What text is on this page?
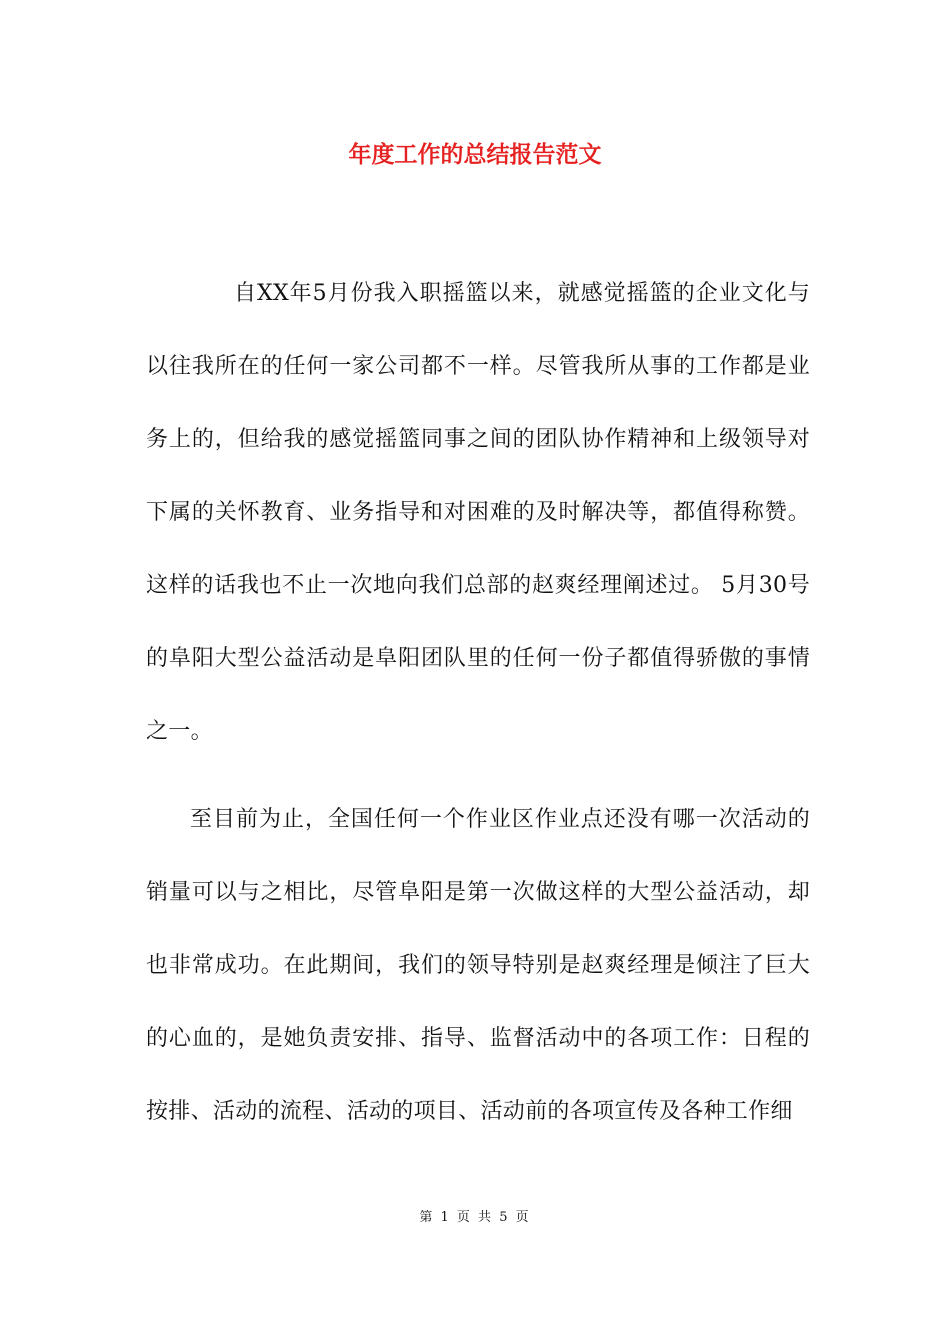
年度工作的总结报告范文
自XX年5月份我入职摇篮以来，就感觉摇篮的企业文化与以往我所在的任何一家公司都不一样。尽管我所从事的工作都是业务上的，但给我的感觉摇篮同事之间的团队协作精神和上级领导对下属的关怀教育、业务指导和对困难的及时解决等，都值得称赞。这样的话我也不止一次地向我们总部的赵爽经理阐述过。 5月30号的阜阳大型公益活动是阜阳团队里的任何一份子都值得骄傲的事情之一。
至目前为止，全国任何一个作业区作业点还没有哪一次活动的销量可以与之相比，尽管阜阳是第一次做这样的大型公益活动，却也非常成功。在此期间，我们的领导特别是赵爽经理是倾注了巨大的心血的，是她负责安排、指导、监督活动中的各项工作：日程的按排、活动的流程、活动的项目、活动前的各项宣传及各种工作细
第 1 页 共 5 页
